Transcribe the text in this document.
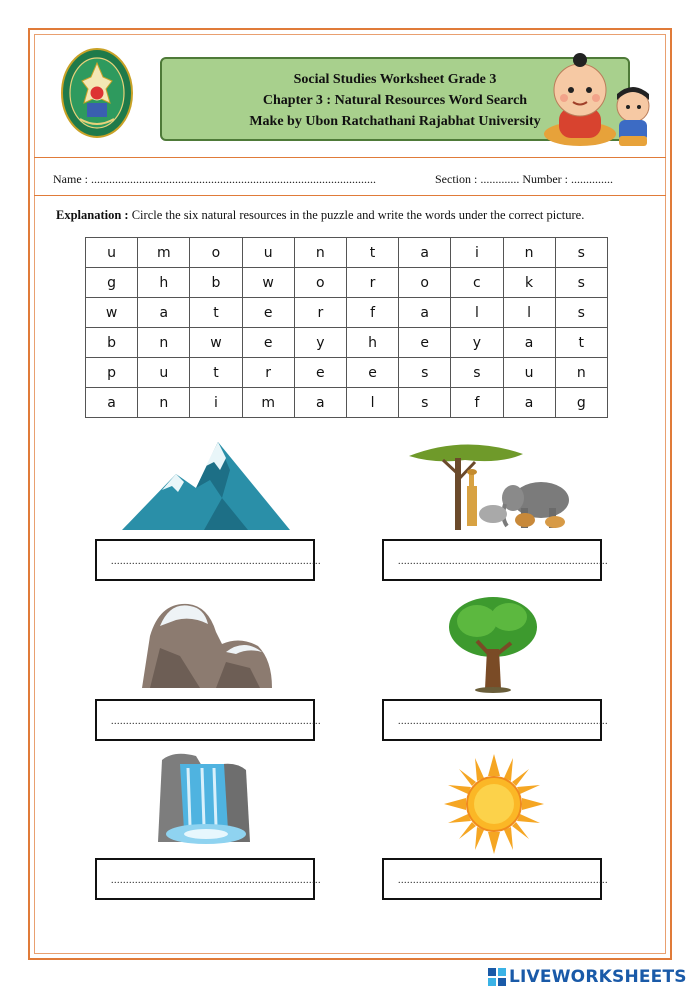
Social Studies Worksheet Grade 3
Chapter 3 : Natural Resources Word Search
Make by Ubon Ratchathani Rajabhat University
Name : ...............................................................................................	Section : ............. Number : ..............
Explanation : Circle the six natural resources in the puzzle and write the words under the correct picture.
u	m	o	u	n	t	a	i	n	s
g	h	b	w	o	r	o	c	k	s
w	a	t	e	r	f	a	l	l	s
b	n	w	e	y	h	e	y	a	t
p	u	t	r	e	e	s	s	u	n
a	n	i	m	a	l	s	f	a	g
......................................................................	......................................................................
......................................................................	......................................................................
......................................................................	......................................................................
LIVEWORKSHEETS
